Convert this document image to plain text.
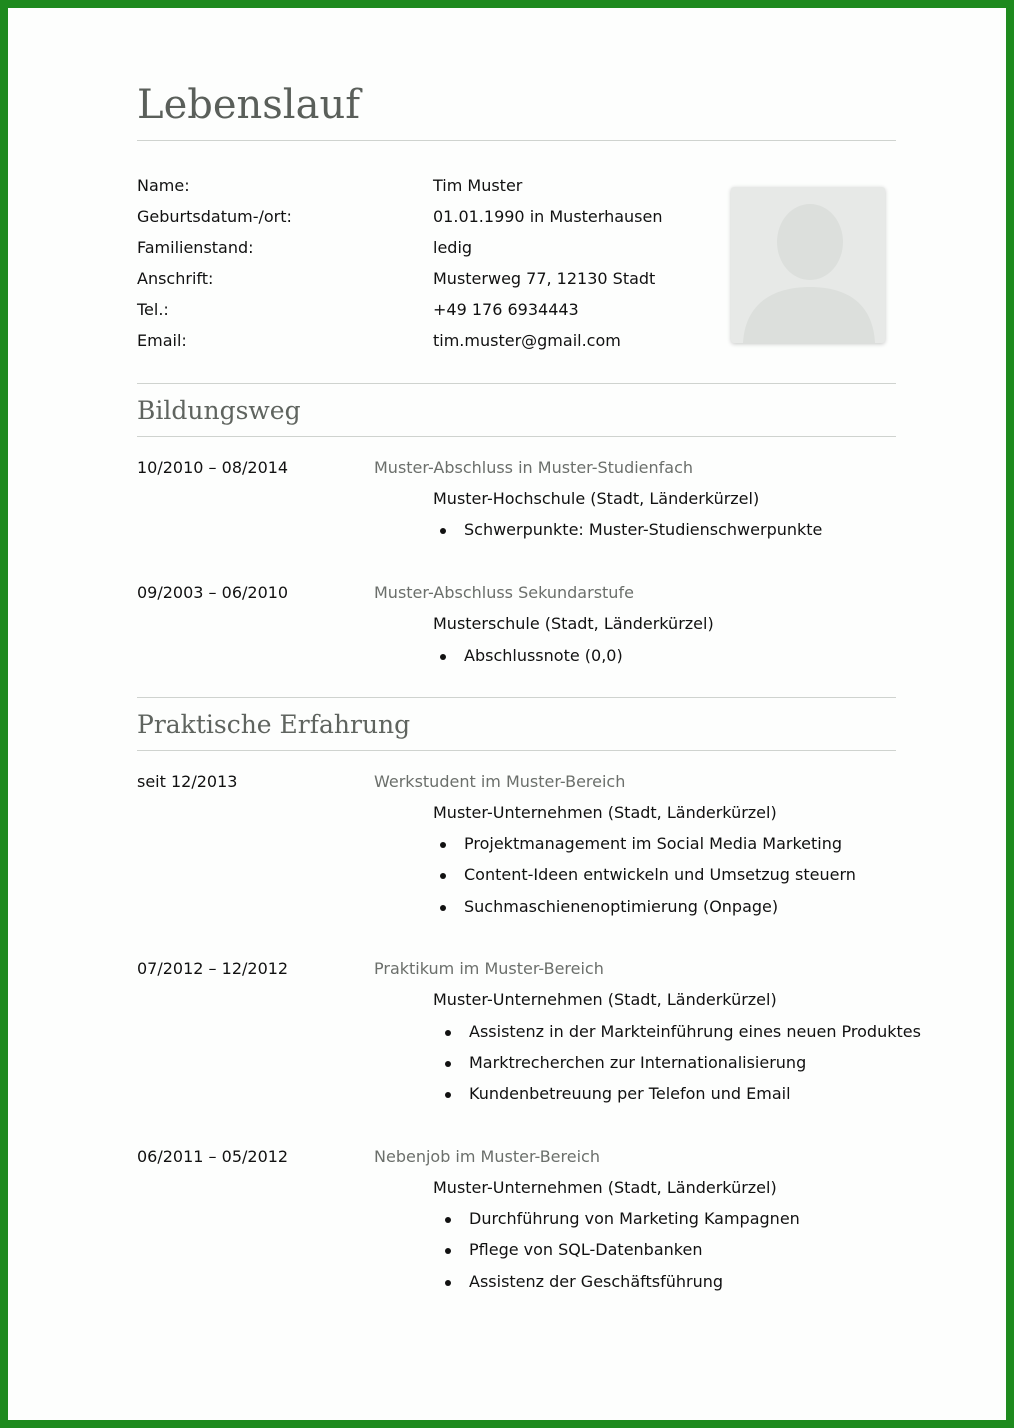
Lebenslauf
Name:	Tim Muster
Geburtsdatum-/ort:	01.01.1990 in Musterhausen
Familienstand:	ledig
Anschrift:	Musterweg 77, 12130 Stadt
Tel.:	+49 176 6934443
Email:	tim.muster@gmail.com
Bildungsweg
10/2010 – 08/2014	Muster-Abschluss in Muster-Studienfach
Muster-Hochschule (Stadt, Länderkürzel)
Schwerpunkte: Muster-Studienschwerpunkte
09/2003 – 06/2010	Muster-Abschluss Sekundarstufe
Musterschule (Stadt, Länderkürzel)
Abschlussnote (0,0)
Praktische Erfahrung
seit 12/2013	Werkstudent im Muster-Bereich
Muster-Unternehmen (Stadt, Länderkürzel)
Projektmanagement im Social Media Marketing
Content-Ideen entwickeln und Umsetzug steuern
Suchmaschienenoptimierung (Onpage)
07/2012 – 12/2012	Praktikum im Muster-Bereich
Muster-Unternehmen (Stadt, Länderkürzel)
Assistenz in der Markteinführung eines neuen Produktes
Marktrecherchen zur Internationalisierung
Kundenbetreuung per Telefon und Email
06/2011 – 05/2012	Nebenjob im Muster-Bereich
Muster-Unternehmen (Stadt, Länderkürzel)
Durchführung von Marketing Kampagnen
Pflege von SQL-Datenbanken
Assistenz der Geschäftsführung
